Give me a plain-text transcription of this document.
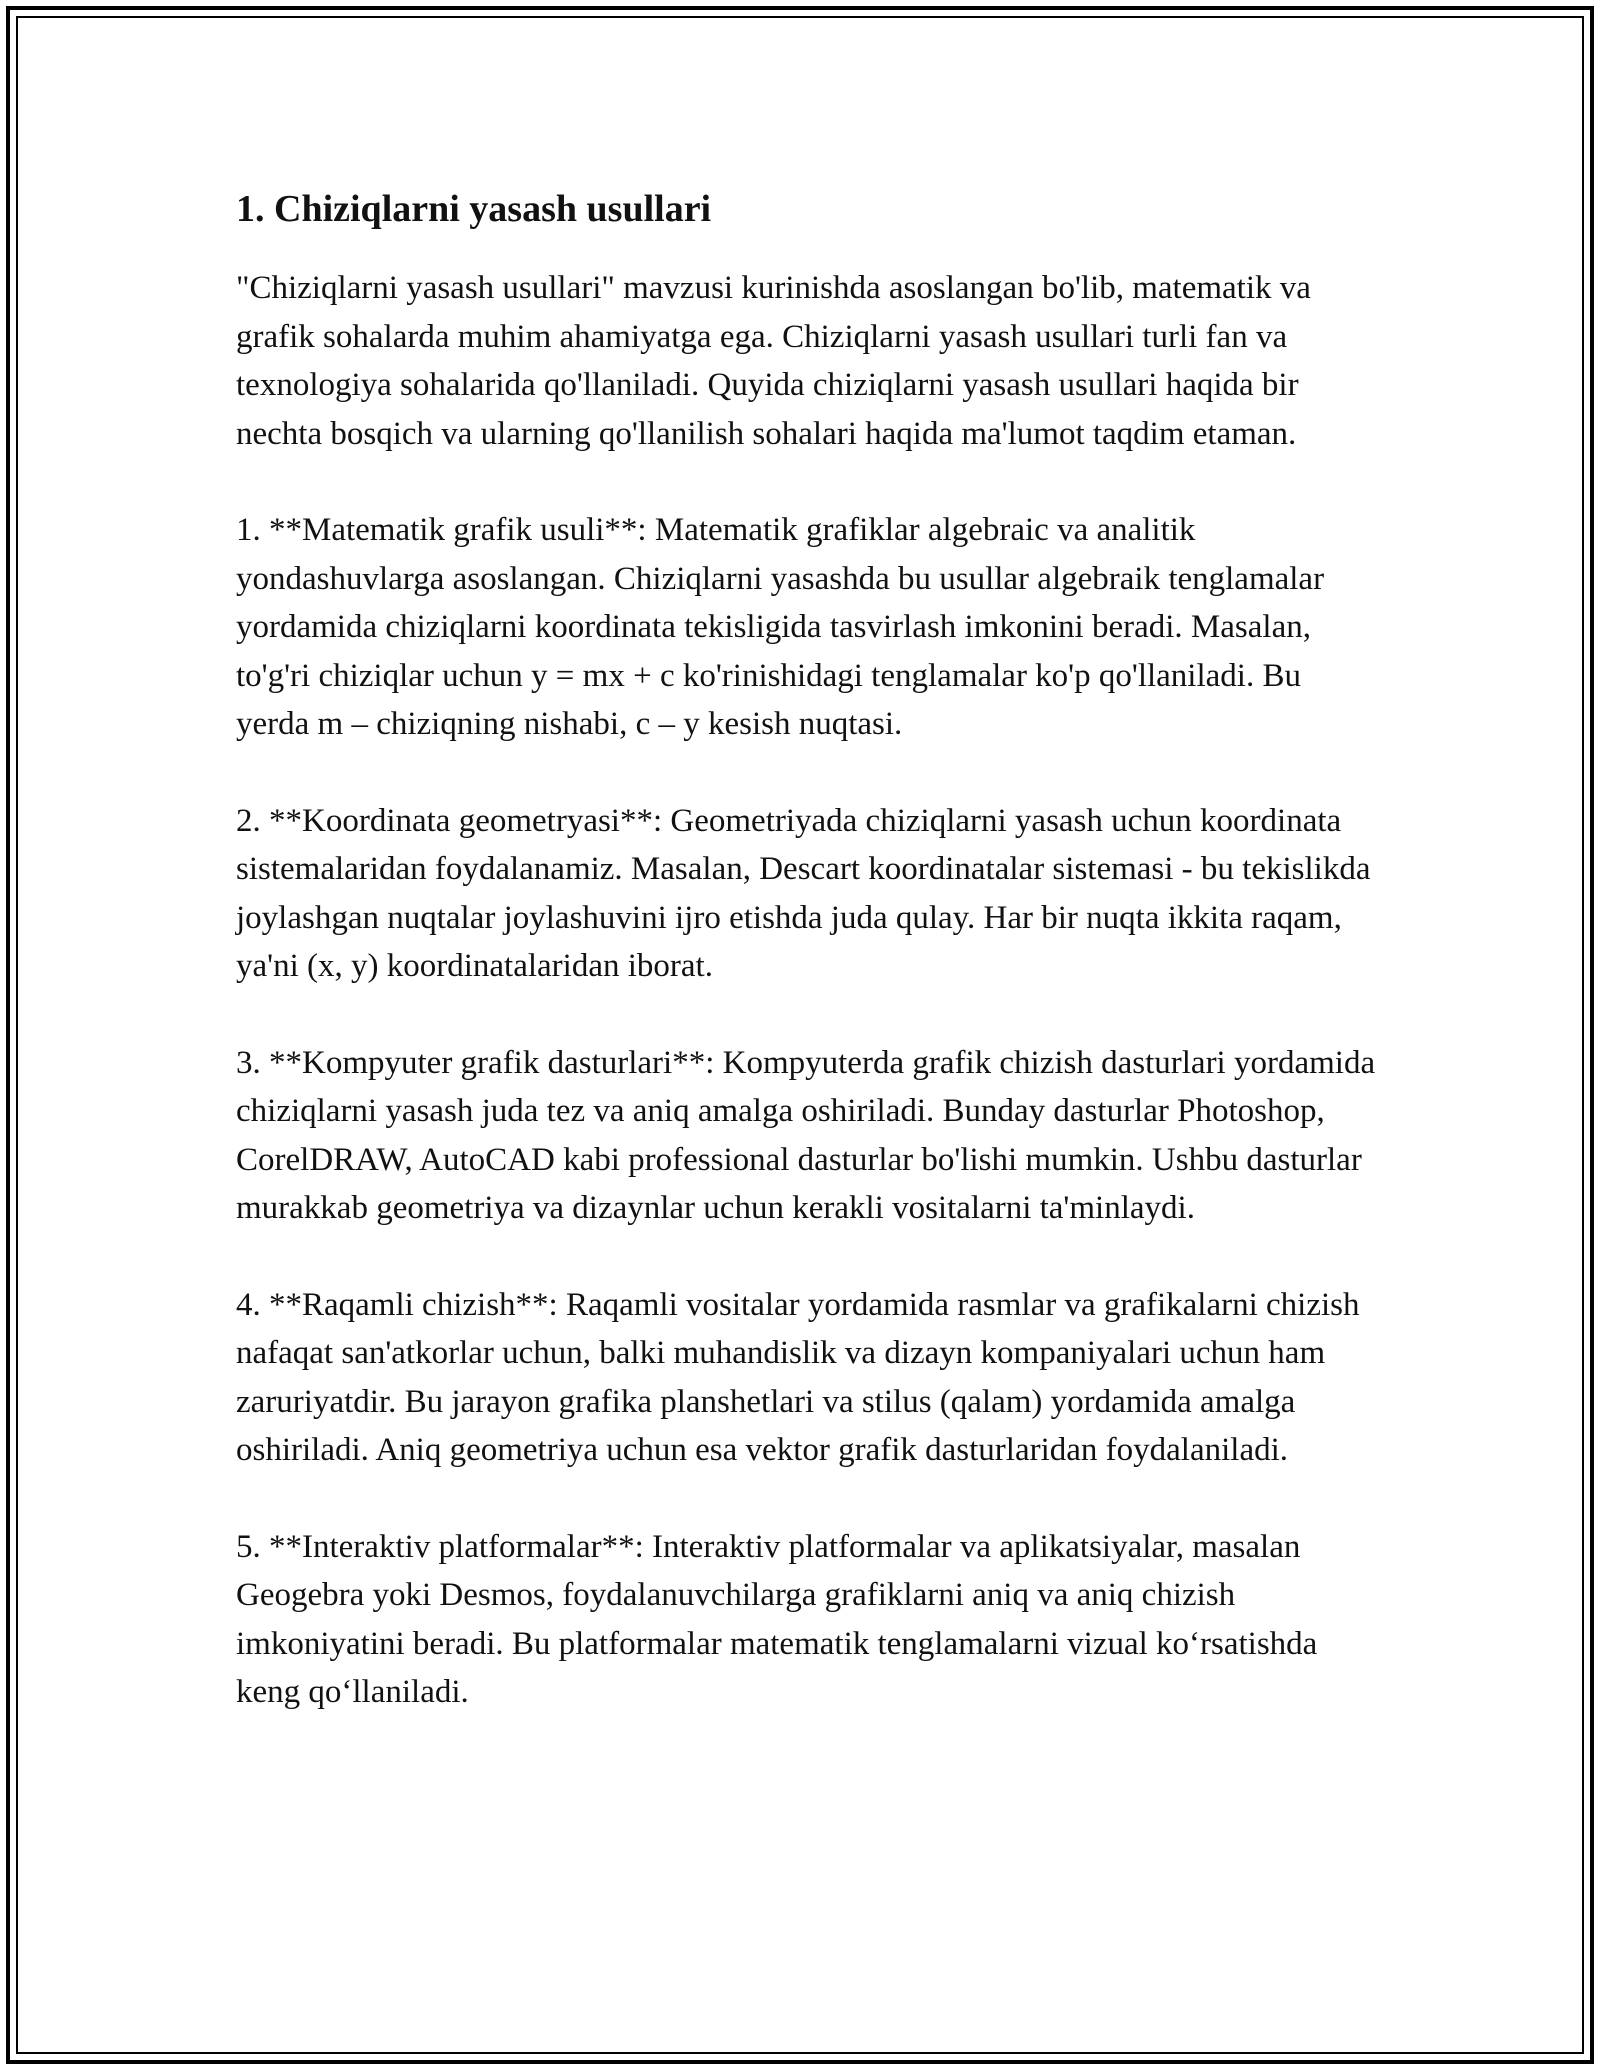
1. Chiziqlarni yasash usullari

"Chiziqlarni yasash usullari" mavzusi kurinishda asoslangan bo'lib, matematik va grafik sohalarda muhim ahamiyatga ega. Chiziqlarni yasash usullari turli fan va texnologiya sohalarida qo'llaniladi. Quyida chiziqlarni yasash usullari haqida bir nechta bosqich va ularning qo'llanilish sohalari haqida ma'lumot taqdim etaman.

1. **Matematik grafik usuli**: Matematik grafiklar algebraic va analitik yondashuvlarga asoslangan. Chiziqlarni yasashda bu usullar algebraik tenglamalar yordamida chiziqlarni koordinata tekisligida tasvirlash imkonini beradi. Masalan, to'g'ri chiziqlar uchun y = mx + c ko'rinishidagi tenglamalar ko'p qo'llaniladi. Bu yerda m – chiziqning nishabi, c – y kesish nuqtasi.

2. **Koordinata geometryasi**: Geometriyada chiziqlarni yasash uchun koordinata sistemalaridan foydalanamiz. Masalan, Descart koordinatalar sistemasi - bu tekislikda joylashgan nuqtalar joylashuvini ijro etishda juda qulay. Har bir nuqta ikkita raqam, ya'ni (x, y) koordinatalaridan iborat.

3. **Kompyuter grafik dasturlari**: Kompyuterda grafik chizish dasturlari yordamida chiziqlarni yasash juda tez va aniq amalga oshiriladi. Bunday dasturlar Photoshop, CorelDRAW, AutoCAD kabi professional dasturlar bo'lishi mumkin. Ushbu dasturlar murakkab geometriya va dizaynlar uchun kerakli vositalarni ta'minlaydi.

4. **Raqamli chizish**: Raqamli vositalar yordamida rasmlar va grafikalarni chizish nafaqat san'atkorlar uchun, balki muhandislik va dizayn kompaniyalari uchun ham zaruriyatdir. Bu jarayon grafika planshetlari va stilus (qalam) yordamida amalga oshiriladi. Aniq geometriya uchun esa vektor grafik dasturlaridan foydalaniladi.

5. **Interaktiv platformalar**: Interaktiv platformalar va aplikatsiyalar, masalan Geogebra yoki Desmos, foydalanuvchilarga grafiklarni aniq va aniq chizish imkoniyatini beradi. Bu platformalar matematik tenglamalarni vizual koʻrsatishda keng qoʻllaniladi.
